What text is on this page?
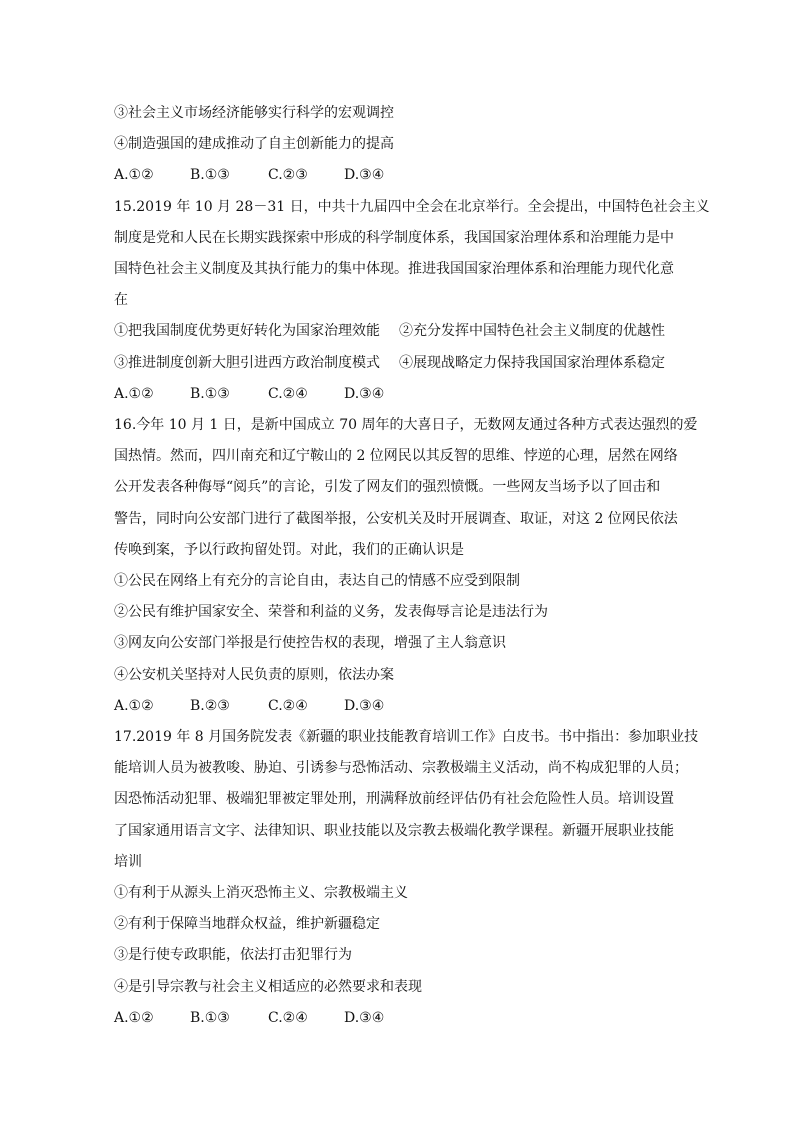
③社会主义市场经济能够实行科学的宏观调控
④制造强国的建成推动了自主创新能力的提高
A.①②	B.①③	C.②③	D.③④
15.2019 年 10 月 28－31 日，中共十九届四中全会在北京举行。全会提出，中国特色社会主义
制度是党和人民在长期实践探索中形成的科学制度体系，我国国家治理体系和治理能力是中
国特色社会主义制度及其执行能力的集中体现。推进我国国家治理体系和治理能力现代化意
在
①把我国制度优势更好转化为国家治理效能	②充分发挥中国特色社会主义制度的优越性
③推进制度创新大胆引进西方政治制度模式	④展现战略定力保持我国国家治理体系稳定
A.①②	B.①③	C.②④	D.③④
16.今年 10 月 1 日，是新中国成立 70 周年的大喜日子，无数网友通过各种方式表达强烈的爱
国热情。然而，四川南充和辽宁鞍山的 2 位网民以其反智的思维、悖逆的心理，居然在网络
公开发表各种侮辱“阅兵”的言论，引发了网友们的强烈愤慨。一些网友当场予以了回击和
警告，同时向公安部门进行了截图举报，公安机关及时开展调查、取证，对这 2 位网民依法
传唤到案，予以行政拘留处罚。对此，我们的正确认识是
①公民在网络上有充分的言论自由，表达自己的情感不应受到限制
②公民有维护国家安全、荣誉和利益的义务，发表侮辱言论是违法行为
③网友向公安部门举报是行使控告权的表现，增强了主人翁意识
④公安机关坚持对人民负责的原则，依法办案
A.①②	B.②③	C.②④	D.③④
17.2019 年 8 月国务院发表《新疆的职业技能教育培训工作》白皮书。书中指出：参加职业技
能培训人员为被教唆、胁迫、引诱参与恐怖活动、宗教极端主义活动，尚不构成犯罪的人员；
因恐怖活动犯罪、极端犯罪被定罪处刑，刑满释放前经评估仍有社会危险性人员。培训设置
了国家通用语言文字、法律知识、职业技能以及宗教去极端化教学课程。新疆开展职业技能
培训
①有利于从源头上消灭恐怖主义、宗教极端主义
②有利于保障当地群众权益，维护新疆稳定
③是行使专政职能，依法打击犯罪行为
④是引导宗教与社会主义相适应的必然要求和表现
A.①②	B.①③	C.②④	D.③④
